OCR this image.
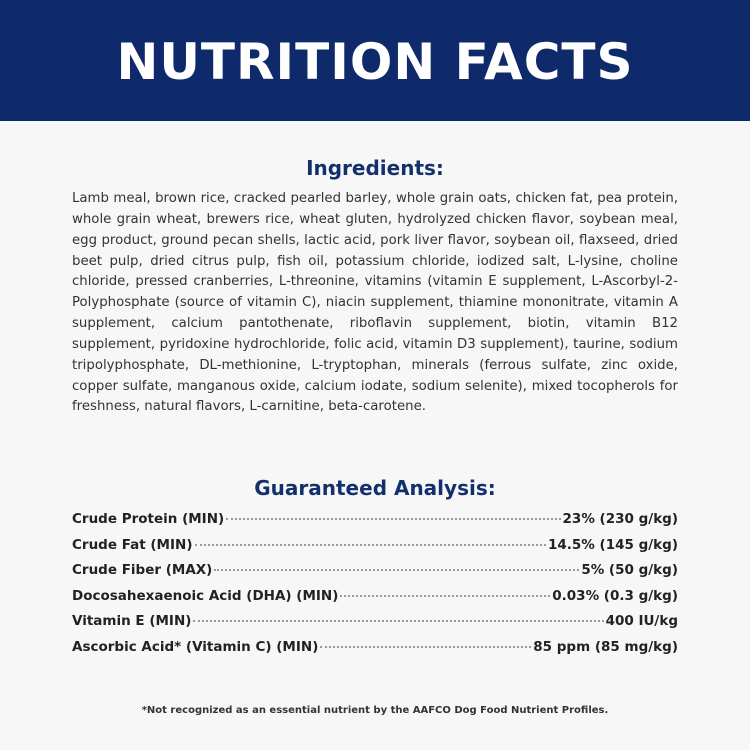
NUTRITION FACTS
Ingredients:
Lamb meal, brown rice, cracked pearled barley, whole grain oats, chicken fat, pea protein, whole grain wheat, brewers rice, wheat gluten, hydrolyzed chicken flavor, soybean meal, egg product, ground pecan shells, lactic acid, pork liver flavor, soybean oil, flaxseed, dried beet pulp, dried citrus pulp, fish oil, potassium chloride, iodized salt, L-lysine, choline chloride, pressed cranberries, L-threonine, vitamins (vitamin E supplement, L-Ascorbyl-2-Polyphosphate (source of vitamin C), niacin supplement, thiamine mononitrate, vitamin A supplement, calcium pantothenate, riboflavin supplement, biotin, vitamin B12 supplement, pyridoxine hydrochloride, folic acid, vitamin D3 supplement), taurine, sodium tripolyphosphate, DL-methionine, L-tryptophan, minerals (ferrous sulfate, zinc oxide, copper sulfate, manganous oxide, calcium iodate, sodium selenite), mixed tocopherols for freshness, natural flavors, L-carnitine, beta-carotene.
Guaranteed Analysis:
Crude Protein (MIN)	23% (230 g/kg)
Crude Fat (MIN)	14.5% (145 g/kg)
Crude Fiber (MAX)	5% (50 g/kg)
Docosahexaenoic Acid (DHA) (MIN)	0.03% (0.3 g/kg)
Vitamin E (MIN)	400 IU/kg
Ascorbic Acid* (Vitamin C) (MIN)	85 ppm (85 mg/kg)
*Not recognized as an essential nutrient by the AAFCO Dog Food Nutrient Profiles.
